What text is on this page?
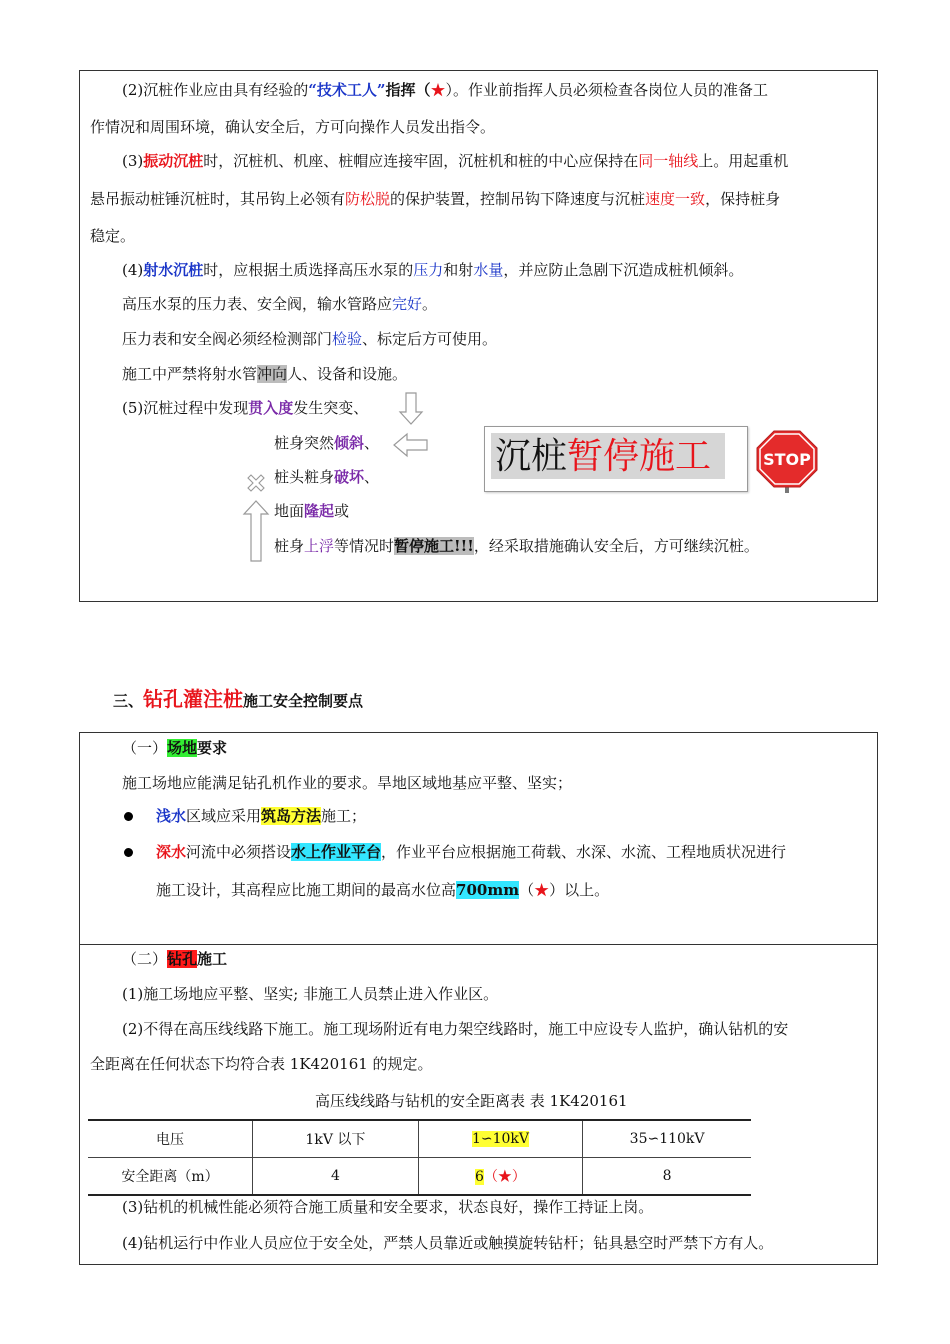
(2)沉桩作业应由具有经验的“技术工人”指挥（★）。作业前指挥人员必须检查各岗位人员的准备工
作情况和周围环境，确认安全后，方可向操作人员发出指令。
(3)振动沉桩时，沉桩机、机座、桩帽应连接牢固，沉桩机和桩的中心应保持在同一轴线上。用起重机
悬吊振动桩锤沉桩时，其吊钩上必领有防松脱的保护装置，控制吊钩下降速度与沉桩速度一致，保持桩身
稳定。
(4)射水沉桩时，应根据土质选择高压水泵的压力和射水量，并应防止急剧下沉造成桩机倾斜。
高压水泵的压力表、安全阀，输水管路应完好。
压力表和安全阀必须经检测部门检验、标定后方可使用。
施工中严禁将射水管冲向人、设备和设施。
(5)沉桩过程中发现贯入度发生突变、
桩身突然倾斜、
桩头粧身破坏、
地面隆起或
桩身上浮等情况时暂停施工!!!，经采取措施确认安全后，方可继续沉桩。
沉桩暂停施工	STOP
三、钻孔灌注桩施工安全控制要点
（一）场地要求
施工场地应能满足钻孔机作业的要求。旱地区域地基应平整、坚实；
浅水区域应采用筑岛方法施工；
深水河流中必须搭设水上作业平台，作业平台应根据施工荷载、水深、水流、工程地质状况进行
施工设计，其高程应比施工期间的最高水位高700mm（★）以上。
（二）钻孔施工
(1)施工场地应平整、坚实; 非施工人员禁止进入作业区。
(2)不得在高压线线路下施工。施工现场附近有电力架空线路时，施工中应设专人监护，确认钻机的安
全距离在任何状态下均符合表 1K420161 的规定。
高压线线路与钻机的安全距离表 表 1K420161
电压	1kV 以下	1∽10kV	35∽110kV
安全距离（m）	4	6（★）	8
(3)钻机的机械性能必须符合施工质量和安全要求，状态良好，操作工持证上岗。
(4)钻机运行中作业人员应位于安全处，严禁人员靠近或触摸旋转钻杆；钻具悬空时严禁下方有人。
